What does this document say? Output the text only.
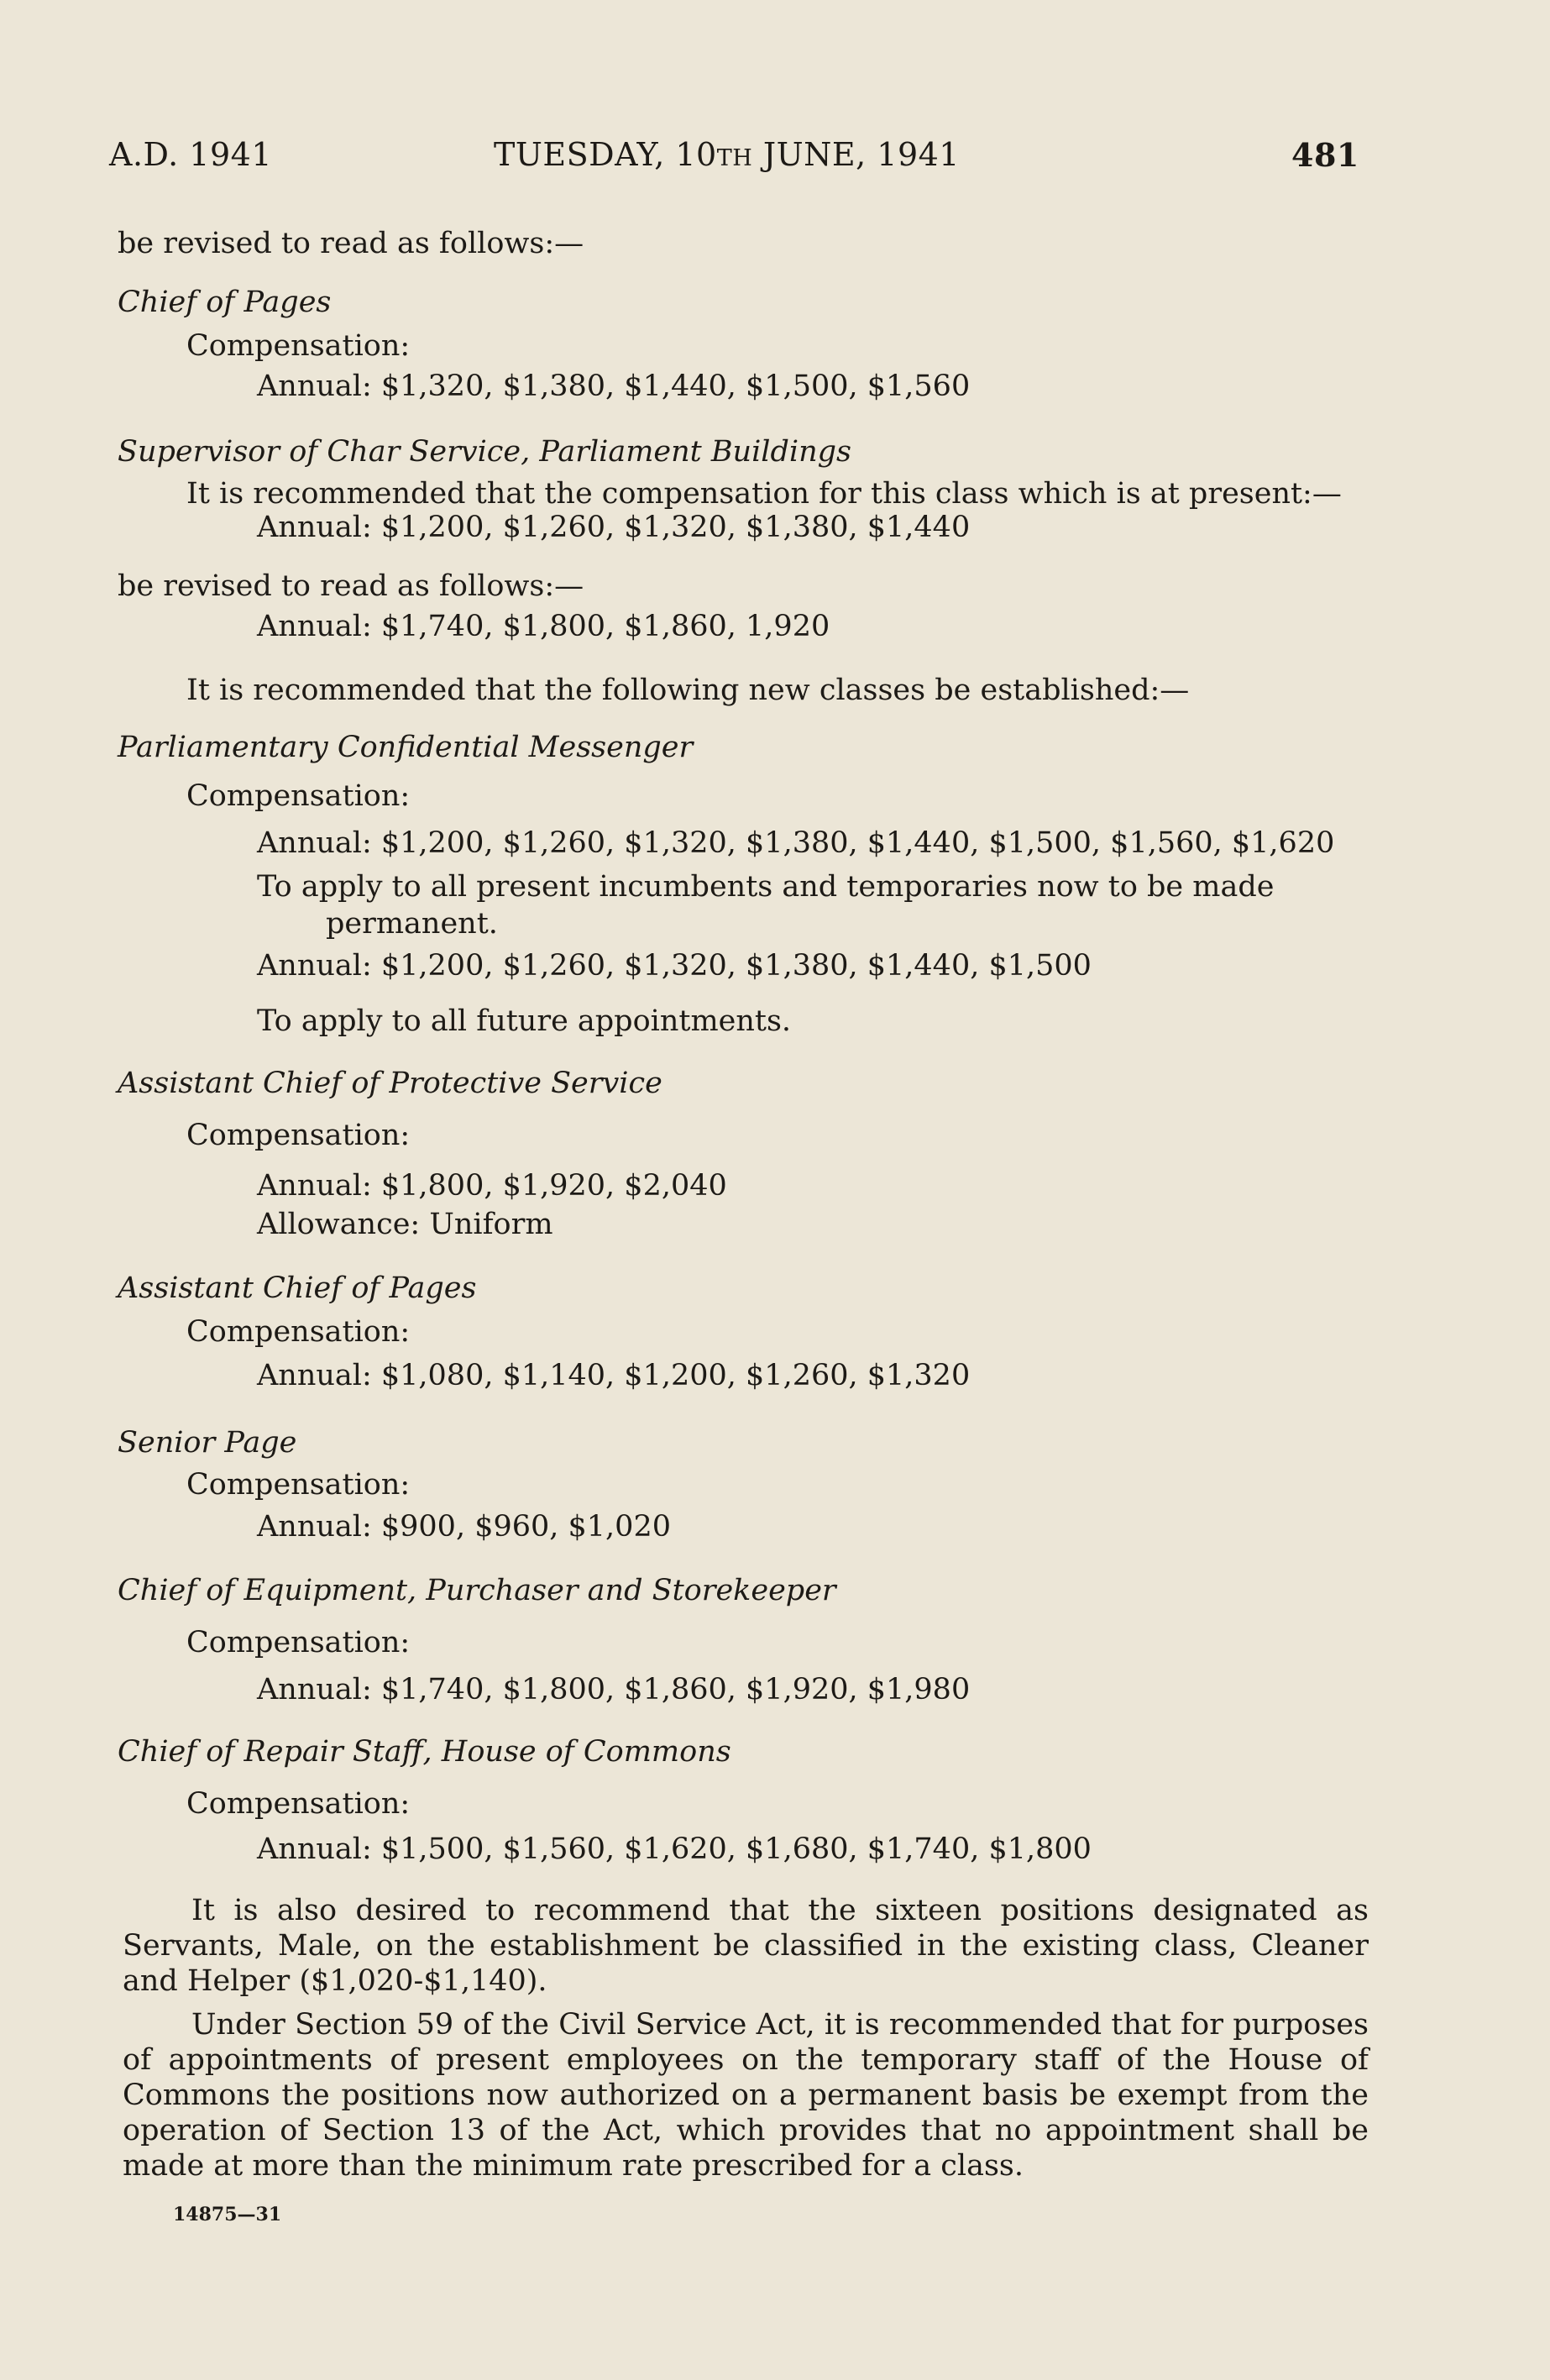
A.D. 1941	TUESDAY, 10TH JUNE, 1941	481
be revised to read as follows:—
Chief of Pages
Compensation:
Annual: $1,320, $1,380, $1,440, $1,500, $1,560
Supervisor of Char Service, Parliament Buildings
It is recommended that the compensation for this class which is at present:—
Annual: $1,200, $1,260, $1,320, $1,380, $1,440
be revised to read as follows:—
Annual: $1,740, $1,800, $1,860, 1,920
It is recommended that the following new classes be established:—
Parliamentary Confidential Messenger
Compensation:
Annual: $1,200, $1,260, $1,320, $1,380, $1,440, $1,500, $1,560, $1,620
To apply to all present incumbents and temporaries now to be made
permanent.
Annual: $1,200, $1,260, $1,320, $1,380, $1,440, $1,500
To apply to all future appointments.
Assistant Chief of Protective Service
Compensation:
Annual: $1,800, $1,920, $2,040
Allowance: Uniform
Assistant Chief of Pages
Compensation:
Annual: $1,080, $1,140, $1,200, $1,260, $1,320
Senior Page
Compensation:
Annual: $900, $960, $1,020
Chief of Equipment, Purchaser and Storekeeper
Compensation:
Annual: $1,740, $1,800, $1,860, $1,920, $1,980
Chief of Repair Staff, House of Commons
Compensation:
Annual: $1,500, $1,560, $1,620, $1,680, $1,740, $1,800
It is also desired to recommend that the sixteen positions designated as Servants, Male, on the establishment be classified in the existing class, Cleaner and Helper ($1,020-$1,140).
Under Section 59 of the Civil Service Act, it is recommended that for purposes of appointments of present employees on the temporary staff of the House of Commons the positions now authorized on a permanent basis be exempt from the operation of Section 13 of the Act, which provides that no appointment shall be made at more than the minimum rate prescribed for a class.
14875—31
